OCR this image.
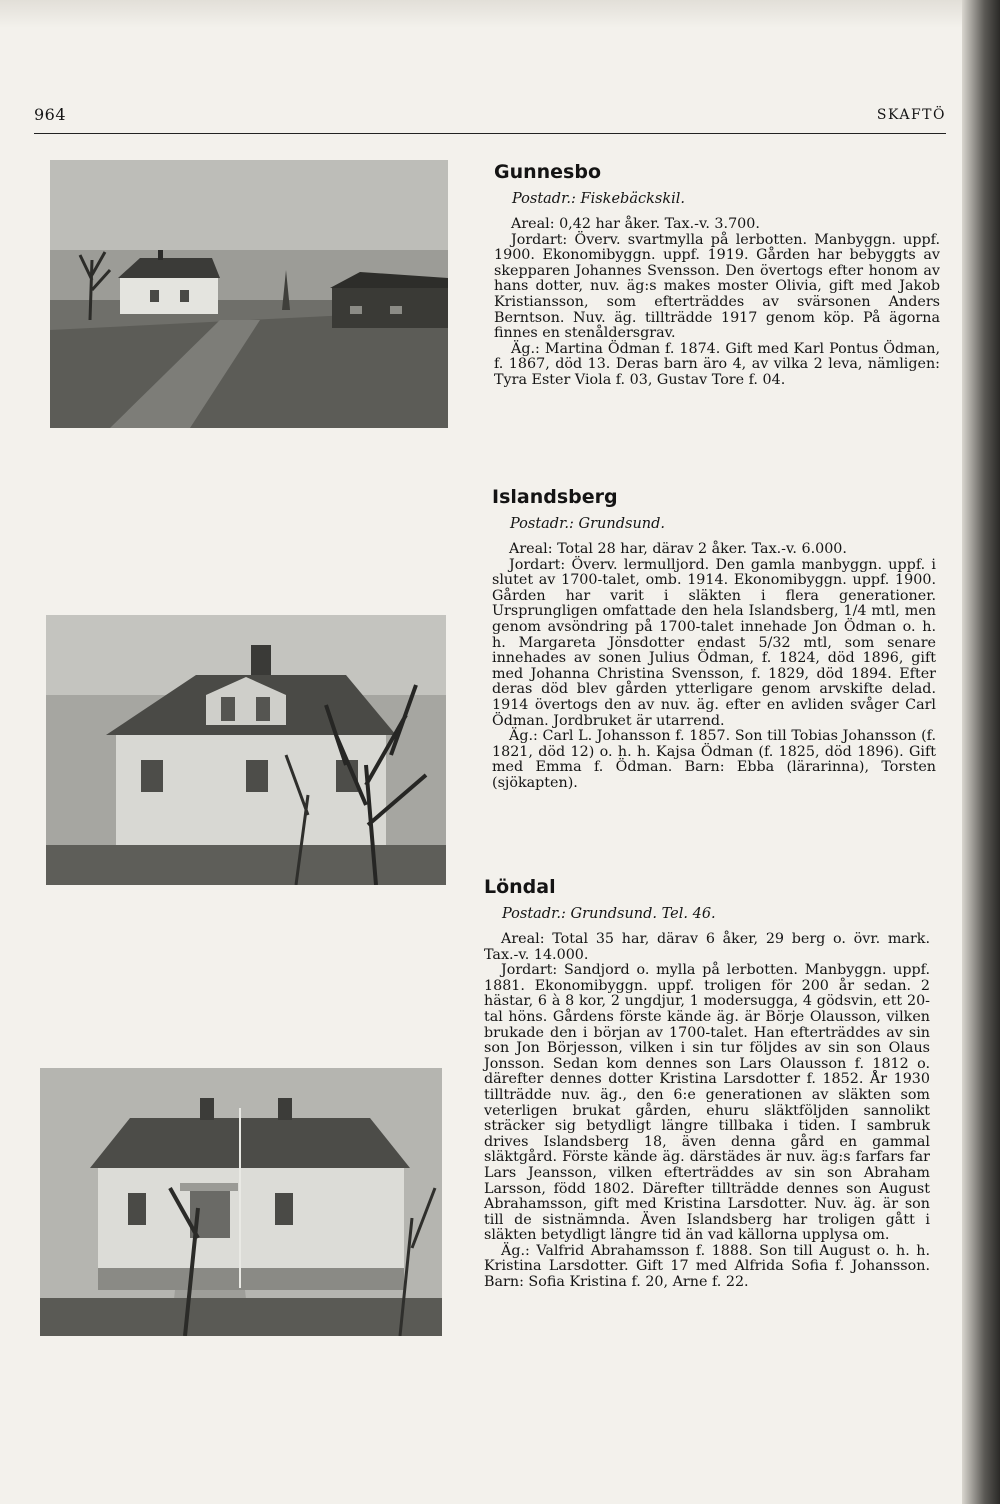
964	SKAFTÖ
Gunnesbo

Postadr.: Fiskebäckskil.

Areal: 0,42 har åker. Tax.-v. 3.700.

Jordart: Överv. svartmylla på lerbotten. Manbyggn. uppf. 1900. Ekonomibyggn. uppf. 1919. Gården har bebyggts av skepparen Johannes Svensson. Den övertogs efter honom av hans dotter, nuv. äg:s makes moster Olivia, gift med Jakob Kristiansson, som efterträddes av svärsonen Anders Berntson. Nuv. äg. tillträdde 1917 genom köp. På ägorna finnes en stenåldersgrav.

Äg.: Martina Ödman f. 1874. Gift med Karl Pontus Ödman, f. 1867, död 13. Deras barn äro 4, av vilka 2 leva, nämligen: Tyra Ester Viola f. 03, Gustav Tore f. 04.

Islandsberg

Postadr.: Grundsund.

Areal: Total 28 har, därav 2 åker. Tax.-v. 6.000.

Jordart: Överv. lermulljord. Den gamla manbyggn. uppf. i slutet av 1700-talet, omb. 1914. Ekonomibyggn. uppf. 1900. Gården har varit i släkten i flera generationer. Ursprungligen omfattade den hela Islandsberg, 1/4 mtl, men genom avsöndring på 1700-talet innehade Jon Ödman o. h. h. Margareta Jönsdotter endast 5/32 mtl, som senare innehades av sonen Julius Ödman, f. 1824, död 1896, gift med Johanna Christina Svensson, f. 1829, död 1894. Efter deras död blev gården ytterligare genom arvskifte delad. 1914 övertogs den av nuv. äg. efter en avliden svåger Carl Ödman. Jordbruket är utarrend.

Äg.: Carl L. Johansson f. 1857. Son till Tobias Johansson (f. 1821, död 12) o. h. h. Kajsa Ödman (f. 1825, död 1896). Gift med Emma f. Ödman. Barn: Ebba (lärarinna), Torsten (sjökapten).

Löndal

Postadr.: Grundsund. Tel. 46.

Areal: Total 35 har, därav 6 åker, 29 berg o. övr. mark. Tax.-v. 14.000.

Jordart: Sandjord o. mylla på lerbotten. Manbyggn. uppf. 1881. Ekonomibyggn. uppf. troligen för 200 år sedan. 2 hästar, 6 à 8 kor, 2 ungdjur, 1 modersugga, 4 gödsvin, ett 20-tal höns. Gårdens förste kände äg. är Börje Olausson, vilken brukade den i början av 1700-talet. Han efterträddes av sin son Jon Börjesson, vilken i sin tur följdes av sin son Olaus Jonsson. Sedan kom dennes son Lars Olausson f. 1812 o. därefter dennes dotter Kristina Larsdotter f. 1852. År 1930 tillträdde nuv. äg., den 6:e generationen av släkten som veterligen brukat gården, ehuru släktföljden sannolikt sträcker sig betydligt längre tillbaka i tiden. I sambruk drives Islandsberg 18, även denna gård en gammal släktgård. Förste kände äg. därstädes är nuv. äg:s farfars far Lars Jeansson, vilken efterträddes av sin son Abraham Larsson, född 1802. Därefter tillträdde dennes son August Abrahamsson, gift med Kristina Larsdotter. Nuv. äg. är son till de sistnämnda. Även Islandsberg har troligen gått i släkten betydligt längre tid än vad källorna upplysa om.

Äg.: Valfrid Abrahamsson f. 1888. Son till August o. h. h. Kristina Larsdotter. Gift 17 med Alfrida Sofia f. Johansson. Barn: Sofia Kristina f. 20, Arne f. 22.
